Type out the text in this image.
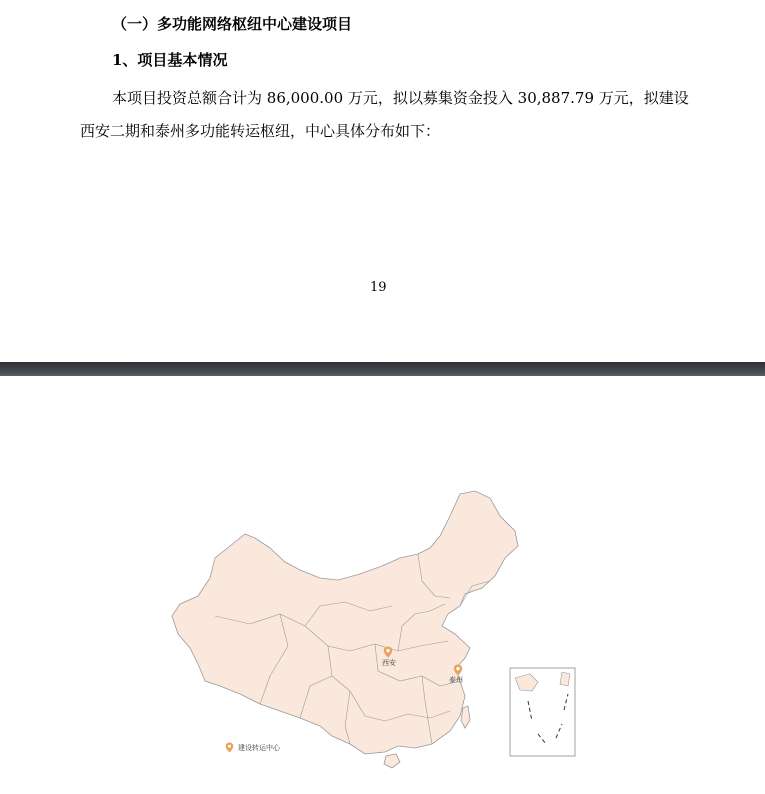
（一）多功能网络枢纽中心建设项目
1、项目基本情况
本项目投资总额合计为 86,000.00 万元，拟以募集资金投入 30,887.79 万元，拟建设
西安二期和泰州多功能转运枢纽，中心具体分布如下：
19
西安
泰州
建设转运中心
